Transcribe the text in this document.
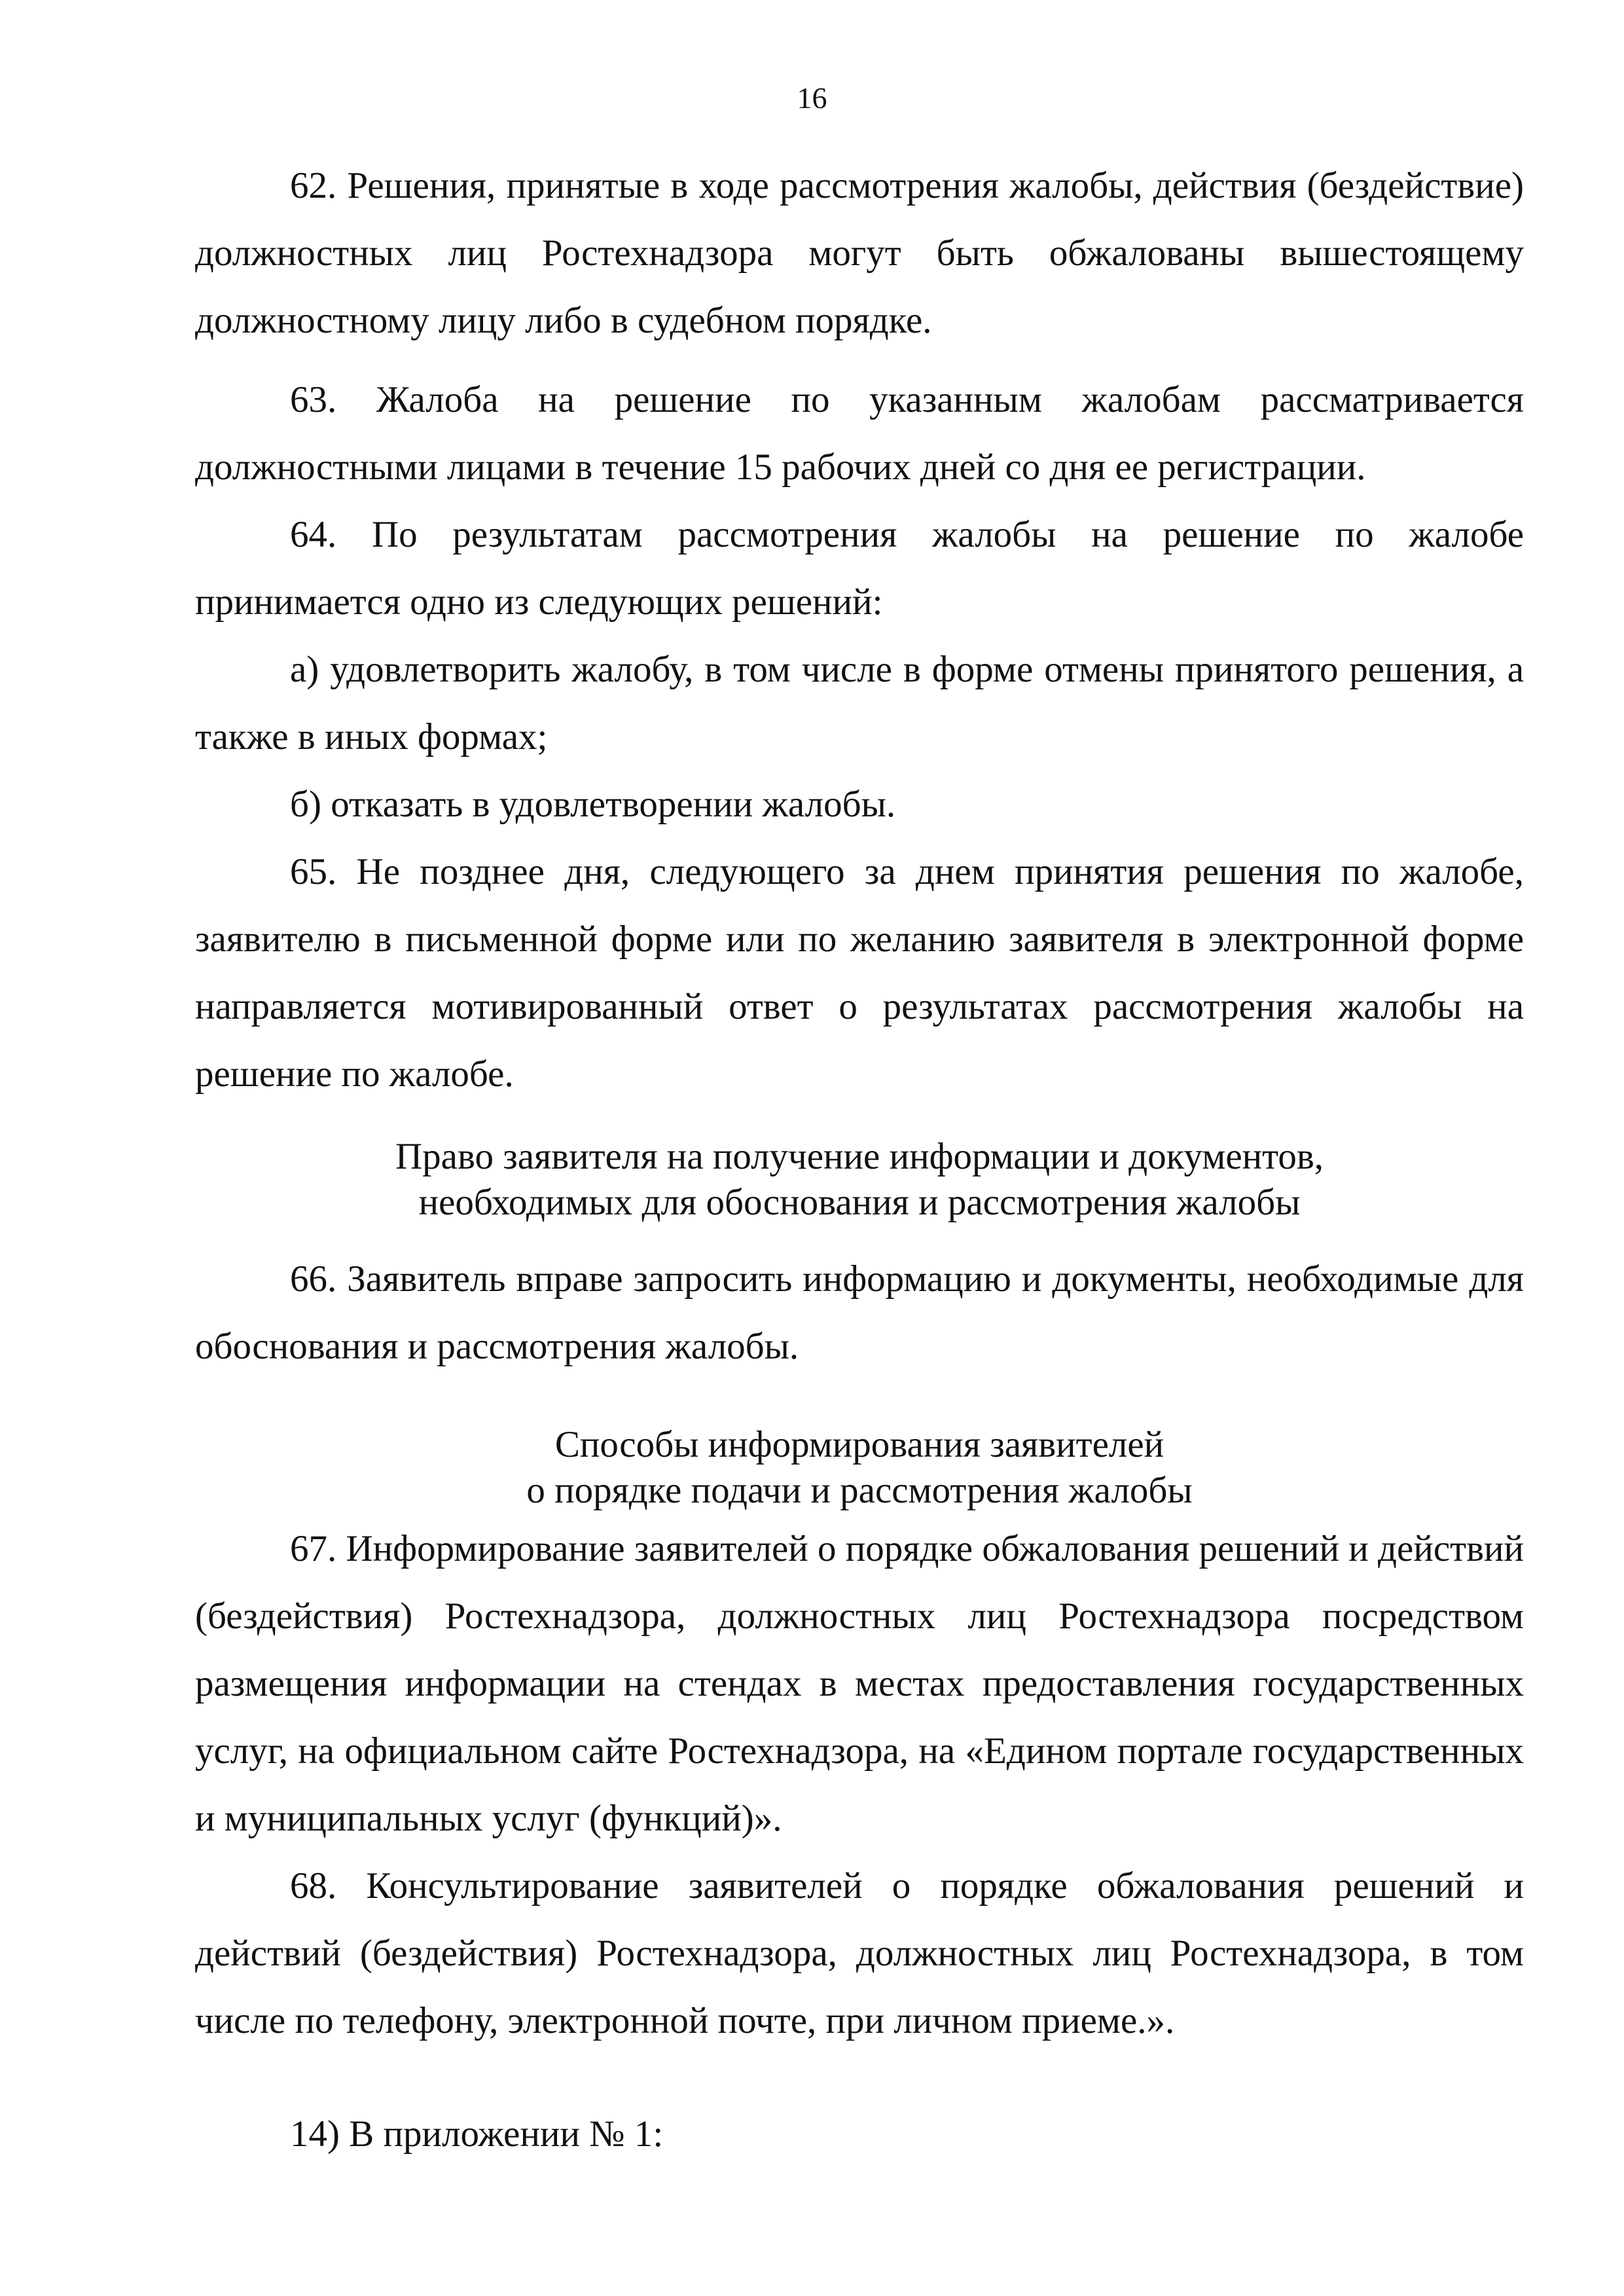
16

62. Решения, принятые в ходе рассмотрения жалобы, действия (бездействие) должностных лиц Ростехнадзора могут быть обжалованы вышестоящему должностному лицу либо в судебном порядке.

63. Жалоба на решение по указанным жалобам рассматривается должностными лицами в течение 15 рабочих дней со дня ее регистрации.

64. По результатам рассмотрения жалобы на решение по жалобе принимается одно из следующих решений:

а) удовлетворить жалобу, в том числе в форме отмены принятого решения, а также в иных формах;

б) отказать в удовлетворении жалобы.

65. Не позднее дня, следующего за днем принятия решения по жалобе, заявителю в письменной форме или по желанию заявителя в электронной форме направляется мотивированный ответ о результатах рассмотрения жалобы на решение по жалобе.

Право заявителя на получение информации и документов,
необходимых для обоснования и рассмотрения жалобы

66. Заявитель вправе запросить информацию и документы, необходимые для обоснования и рассмотрения жалобы.

Способы информирования заявителей
о порядке подачи и рассмотрения жалобы

67. Информирование заявителей о порядке обжалования решений и действий (бездействия) Ростехнадзора, должностных лиц Ростехнадзора посредством размещения информации на стендах в местах предоставления государственных услуг, на официальном сайте Ростехнадзора, на «Едином портале государственных и муниципальных услуг (функций)».

68. Консультирование заявителей о порядке обжалования решений и действий (бездействия) Ростехнадзора, должностных лиц Ростехнадзора, в том числе по телефону, электронной почте, при личном приеме.».

14) В приложении № 1:
